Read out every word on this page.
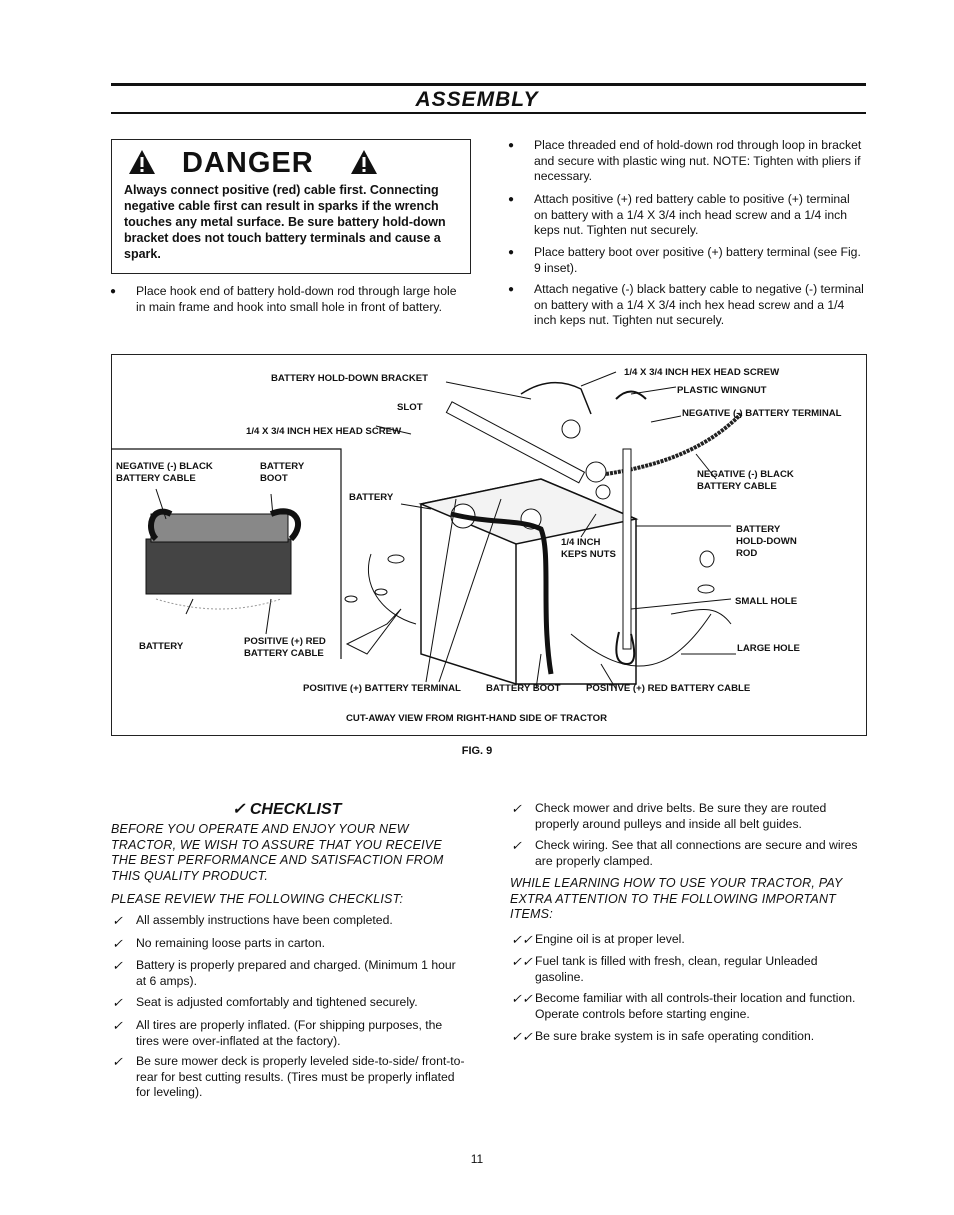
ASSEMBLY
DANGER
Always connect positive (red) cable first. Connecting negative cable first can result in sparks if the wrench touches any metal surface. Be sure battery hold-down bracket does not touch battery terminals and cause a spark.
● Place hook end of battery hold-down rod through large hole in main frame and hook into small hole in front of battery.
● Place threaded end of hold-down rod through loop in bracket and secure with plastic wing nut. NOTE: Tighten with pliers if necessary.
● Attach positive (+) red battery cable to positive (+) terminal on battery with a 1/4 X 3/4 inch head screw and a 1/4 inch keps nut. Tighten nut securely.
● Place battery boot over positive (+) battery terminal (see Fig. 9 inset).
● Attach negative (-) black battery cable to negative (-) terminal on battery with a 1/4 X 3/4 inch hex head screw and a 1/4 inch keps nut. Tighten nut securely.
BATTERY HOLD-DOWN BRACKET
SLOT
1/4 X 3/4 INCH HEX HEAD SCREW
1/4 X 3/4 INCH HEX HEAD SCREW
PLASTIC WINGNUT
NEGATIVE (-) BATTERY TERMINAL
NEGATIVE (-) BLACK
BATTERY CABLE
BATTERY
BOOT
BATTERY
NEGATIVE (-) BLACK
BATTERY CABLE
BATTERY
HOLD-DOWN
ROD
1/4 INCH
KEPS NUTS
SMALL HOLE
LARGE HOLE
BATTERY	POSITIVE (+) RED
BATTERY CABLE
POSITIVE (+) BATTERY TERMINAL	BATTERY BOOT	POSITIVE (+) RED BATTERY CABLE
CUT-AWAY VIEW FROM RIGHT-HAND SIDE OF TRACTOR
FIG. 9
✓ CHECKLIST
BEFORE YOU OPERATE AND ENJOY YOUR NEW TRACTOR, WE WISH TO ASSURE THAT YOU RECEIVE THE BEST PERFORMANCE AND SATISFACTION FROM THIS QUALITY PRODUCT.
PLEASE REVIEW THE FOLLOWING CHECKLIST:
✓ All assembly instructions have been completed.
✓ No remaining loose parts in carton.
✓ Battery is properly prepared and charged. (Minimum 1 hour at 6 amps).
✓ Seat is adjusted comfortably and tightened securely.
✓ All tires are properly inflated. (For shipping purposes, the tires were over-inflated at the factory).
✓ Be sure mower deck is properly leveled side-to-side/ front-to-rear for best cutting results. (Tires must be properly inflated for leveling).
✓ Check mower and drive belts. Be sure they are routed properly around pulleys and inside all belt guides.
✓ Check wiring. See that all connections are secure and wires are properly clamped.
WHILE LEARNING HOW TO USE YOUR TRACTOR, PAY EXTRA ATTENTION TO THE FOLLOWING IMPORTANT ITEMS:
✓✓ Engine oil is at proper level.
✓✓ Fuel tank is filled with fresh, clean, regular Unleaded gasoline.
✓✓ Become familiar with all controls-their location and function. Operate controls before starting engine.
✓✓ Be sure brake system is in safe operating condition.
11
